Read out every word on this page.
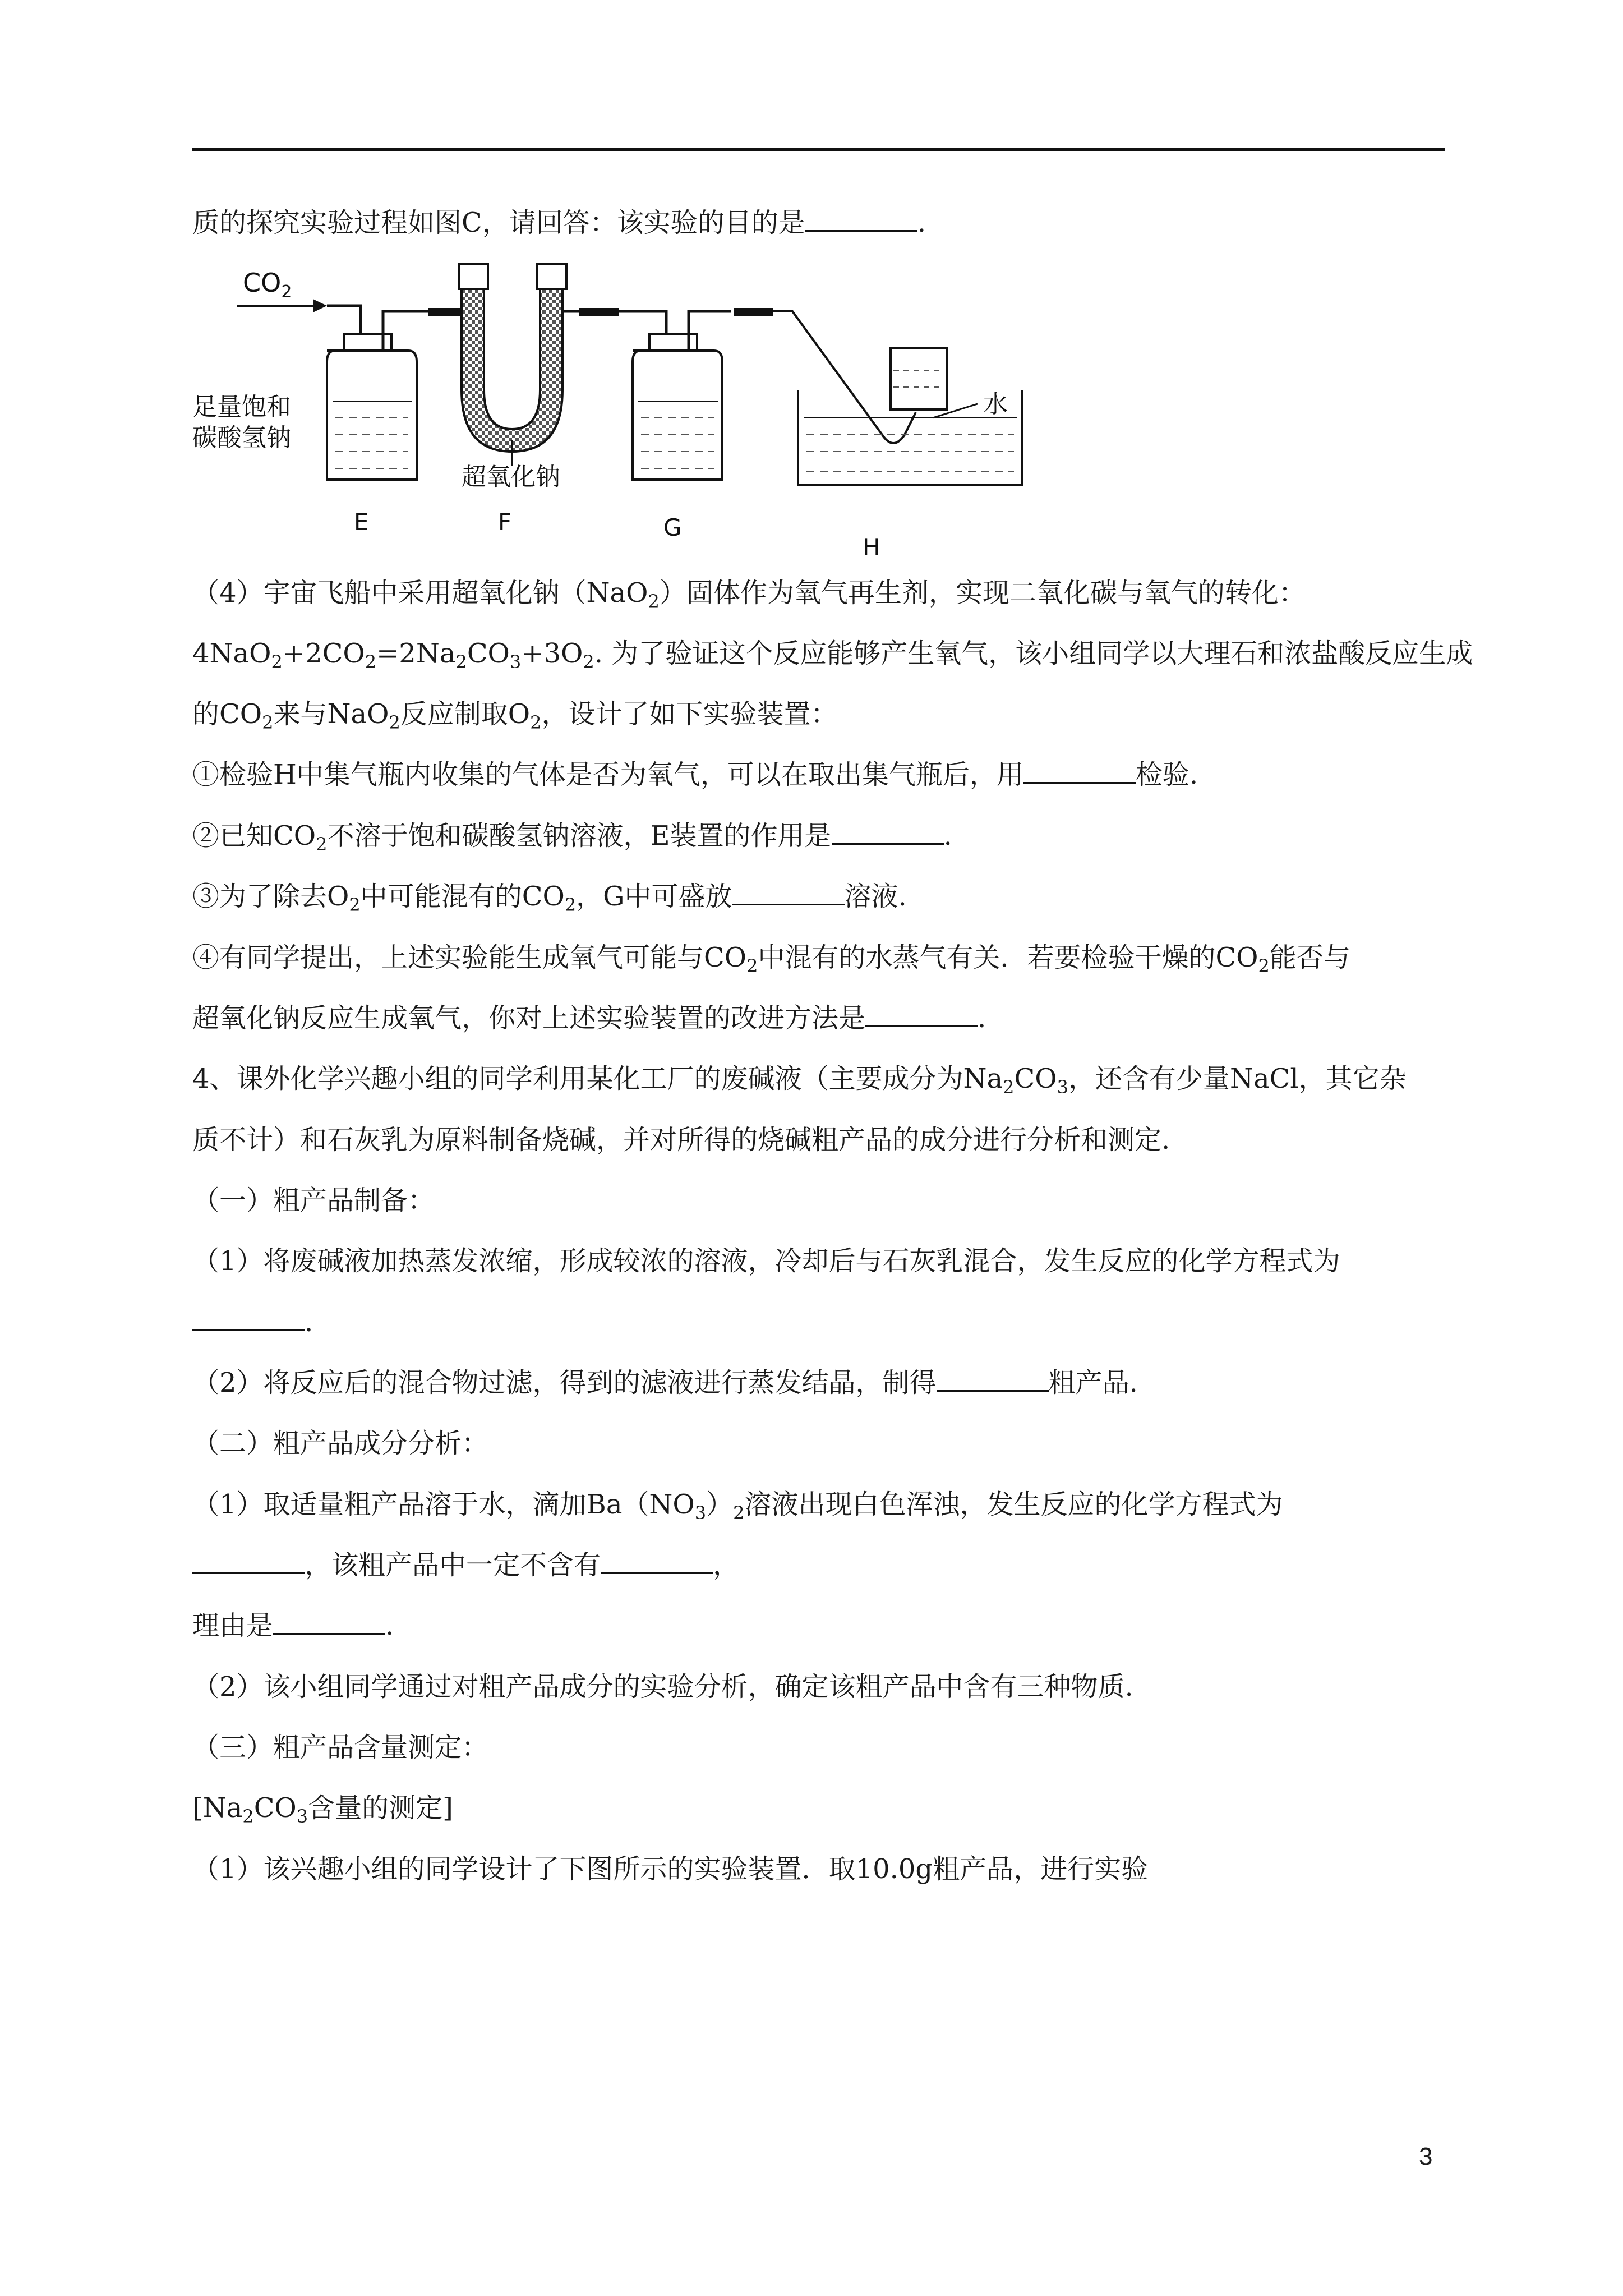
质的探究实验过程如图C，请回答：该实验的目的是	.
$CO_2$
足量饱和
碳酸氢钠
超氧化钠
水
E	F	G
H
（4）宇宙飞船中采用超氧化钠（NaO$_2$）固体作为氧气再生剂，实现二氧化碳与氧气的转化：
$4NaO_2+2CO_2=2Na_2CO_3+3O_2$. 为了验证这个反应能够产生氧气，该小组同学以大理石和浓盐酸反应生成
的$CO_2$来与NaO$_2$反应制取$O_2$，设计了如下实验装置：
①检验H中集气瓶内收集的气体是否为氧气，可以在取出集气瓶后，用	检验.
②已知$CO_2$不溶于饱和碳酸氢钠溶液，E装置的作用是	.
③为了除去$O_2$中可能混有的$CO_2$，G中可盛放	溶液.
④有同学提出，上述实验能生成氧气可能与$CO_2$中混有的水蒸气有关．若要检验干燥的$CO_2$能否与
超氧化钠反应生成氧气，你对上述实验装置的改进方法是	.
4、课外化学兴趣小组的同学利用某化工厂的废碱液（主要成分为$Na_2CO_3$，还含有少量NaCl，其它杂
质不计）和石灰乳为原料制备烧碱，并对所得的烧碱粗产品的成分进行分析和测定.
（一）粗产品制备：
（1）将废碱液加热蒸发浓缩，形成较浓的溶液，冷却后与石灰乳混合，发生反应的化学方程式为
.
（2）将反应后的混合物过滤，得到的滤液进行蒸发结晶，制得	粗产品.
（二）粗产品成分分析：
（1）取适量粗产品溶于水，滴加$Ba(NO_3)_2$溶液出现白色浑浊，发生反应的化学方程式为
，该粗产品中一定不含有	，
理由是	.
（2）该小组同学通过对粗产品成分的实验分析，确定该粗产品中含有三种物质.
（三）粗产品含量测定：
[$Na_2CO_3$含量的测定]
（1）该兴趣小组的同学设计了下图所示的实验装置．取10.0g粗产品，进行实验
3
